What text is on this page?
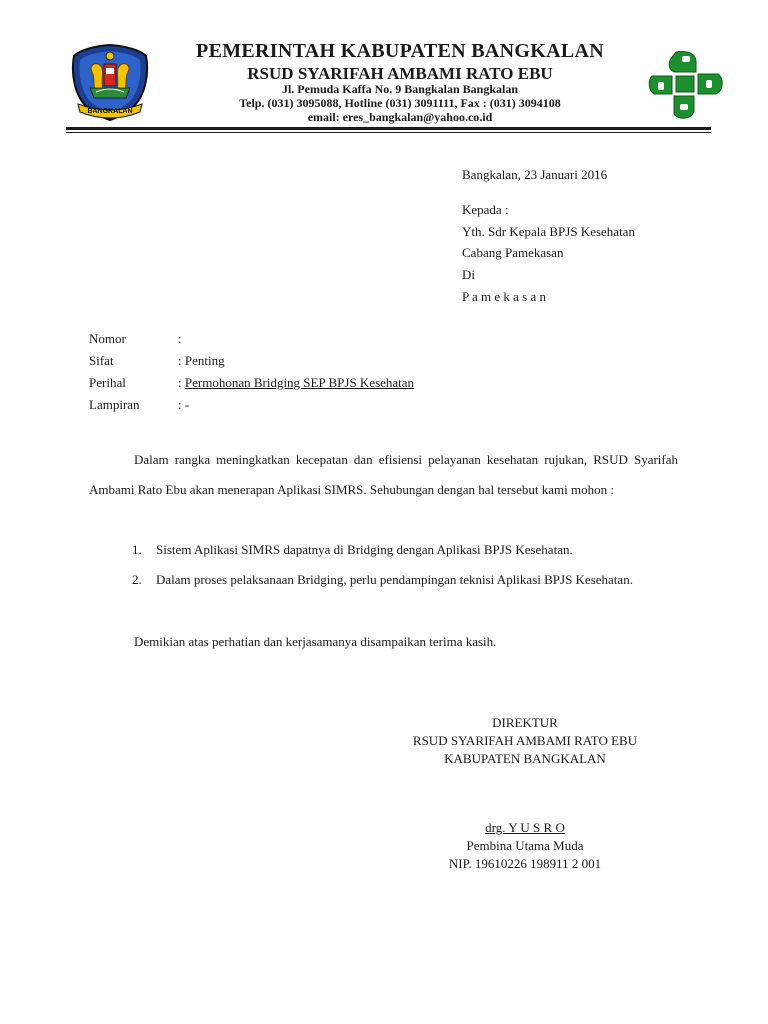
BANGKALAN
PEMERINTAH KABUPATEN BANGKALAN
RSUD SYARIFAH AMBAMI RATO EBU
Jl. Pemuda Kaffa No. 9 Bangkalan Bangkalan
Telp. (031) 3095088, Hotline (031) 3091111, Fax : (031) 3094108
email: eres_bangkalan@yahoo.co.id
Bangkalan, 23 Januari 2016
Kepada :
Yth. Sdr Kepala BPJS Kesehatan
Cabang Pamekasan
Di
P a m e k a s a n
Nomor	:
Sifat	: Penting
Perihal	: Permohonan Bridging SEP BPJS Kesehatan
Lampiran	: -
Dalam rangka meningkatkan kecepatan dan efisiensi pelayanan kesehatan rujukan, RSUD Syarifah Ambami Rato Ebu akan menerapan Aplikasi SIMRS. Sehubungan dengan hal tersebut kami mohon :
1.	Sistem Aplikasi SIMRS dapatnya di Bridging dengan Aplikasi BPJS Kesehatan.
2.	Dalam proses pelaksanaan Bridging, perlu pendampingan teknisi Aplikasi BPJS Kesehatan.
Demikian atas perhatian dan kerjasamanya disampaikan terima kasih.
DIREKTUR
RSUD SYARIFAH AMBAMI RATO EBU
KABUPATEN BANGKALAN
drg. Y U S R O
Pembina Utama Muda
NIP. 19610226 198911 2 001
